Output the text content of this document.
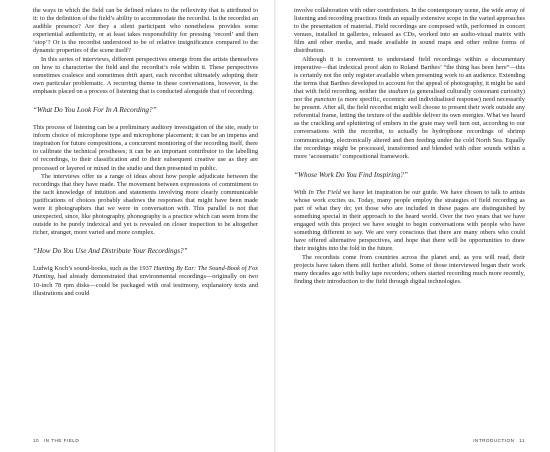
the ways in which the field can be defined relates to the reflexivity that is attributed to it: to the definition of the field’s ability to accommodate the recordist. Is the recordist an audible presence? Are they a silent participant who nonetheless provides some experiential authenticity, or at least takes responsibility for pressing ‘record’ and then ‘stop’? Or is the recordist understood to be of relative insignificance compared to the dynamic properties of the scene itself?

In this series of interviews, different perspectives emerge from the artists themselves on how to characterise the field and the recordist’s role within it. These perspectives sometimes coalesce and sometimes drift apart, each recordist ultimately adopting their own particular problematic. A recurring theme in these conversations, however, is the emphasis placed on a process of listening that is conducted alongside that of recording.

“What Do You Look For In A Recording?”

This process of listening can be a preliminary auditory investigation of the site, ready to inform choice of microphone type and microphone placement; it can be an impetus and inspiration for future compositions, a concurrent monitoring of the recording itself, there to calibrate the technical prostheses; it can be an important contributor to the labelling of recordings, to their classification and to their subsequent creative use as they are processed or layered or mixed in the studio and then presented in public.

The interviews offer us a range of ideas about how people adjudicate between the recordings that they have made. The movement between expressions of commitment to the tacit knowledge of intuition and statements involving more clearly communicable justifications of choices probably shadows the responses that might have been made were it photographers that we were in conversation with. This parallel is not that unexpected, since, like photography, phonography is a practice which can seem from the outside to be purely indexical and yet is revealed on closer inspection to be altogether richer, stranger, more varied and more complex.

“How Do You Use And Distribute Your Recordings?”

Ludwig Koch’s sound-books, such as the 1937 Hunting By Ear: The Sound-Book of Fox Hunting, had already demonstrated that environmental recordings—originally on two 10-inch 78 rpm disks—could be packaged with oral testimony, explanatory texts and illustrations and could

10 IN THE FIELD

involve collaboration with other contributors. In the contemporary scene, the wide array of listening and recording practices finds an equally extensive scope in the varied approaches to the presentation of material. Field recordings are composed with, performed in concert venues, installed in galleries, released as CDs, worked into an audio-visual matrix with film and other media, and made available in sound maps and other online forms of distribution.

Although it is convenient to understand field recordings within a documentary imperative—that indexical proof akin to Roland Barthes’ “the thing has been here”—this is certainly not the only register available when presenting work to an audience. Extending the terms that Barthes developed to account for the appeal of photography, it might be said that with field recording, neither the studium (a generalised culturally consonant curiosity) nor the punctum (a more specific, eccentric and individualised response) need necessarily be present. After all, the field recordist might well choose to present their work outside any referential frame, letting the texture of the audible deliver its own energies. What we heard as the crackling and spluttering of embers in the grate may well turn out, according to our conversations with the recordist, to actually be hydrophone recordings of shrimp communicating, electronically altered and then feeding under the cold North Sea. Equally the recordings might be processed, transformed and blended with other sounds within a more ‘acousmatic’ compositional framework.

“Whose Work Do You Find Inspiring?”

With In The Field we have let inspiration be our guide. We have chosen to talk to artists whose work excites us. Today, many people employ the strategies of field recording as part of what they do; yet those who are included in these pages are distinguished by something special in their approach to the heard world. Over the two years that we have engaged with this project we have sought to begin conversations with people who have something different to say. We are very conscious that there are many others who could have offered alternative perspectives, and hope that there will be opportunities to draw their insights into the fold in the future.

The recordists come from countries across the planet and, as you will read, their projects have taken them still further afield. Some of those interviewed began their work many decades ago with bulky tape recorders; others started recording much more recently, finding their introduction to the field through digital technologies.

INTRODUCTION 11
